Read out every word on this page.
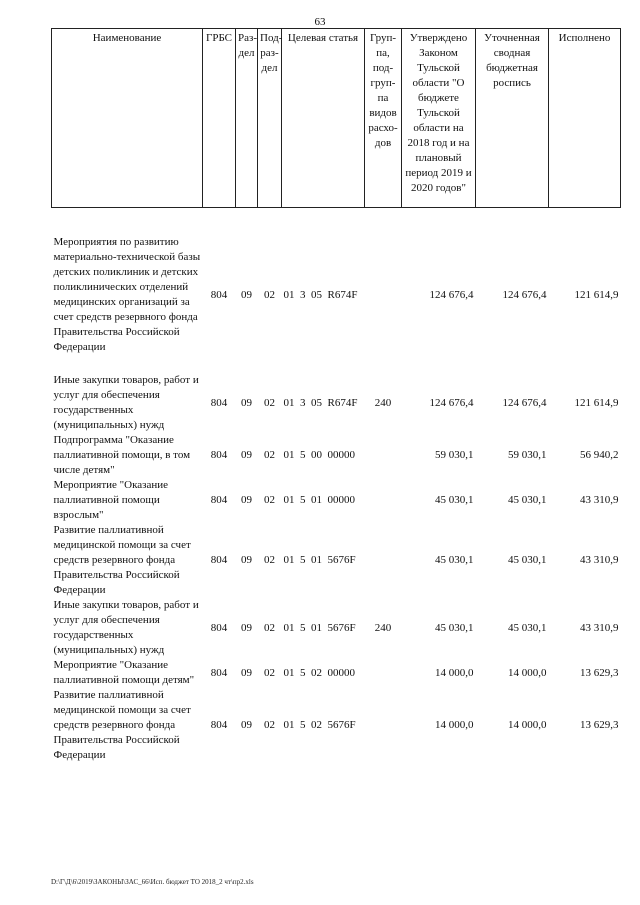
63
Наименование	ГРБС	Раз-дел	Под-раз-дел	Целевая статья	Груп-па, под-груп-па видов расхо-дов	Утверждено Законом Тульской области "О бюджете Тульской области на 2018 год и на плановый период 2019 и 2020 годов"	Уточненная сводная бюджетная роспись	Исполнено

Мероприятия по развитию материально-технической базы детских поликлиник и детских поликлинических отделений медицинских организаций за счет средств резервного фонда Правительства Российской Федерации	804	09	02	01  3  05  R674F		124 676,4	124 676,4	121 614,9

Иные закупки товаров, работ и услуг для обеспечения государственных (муниципальных) нужд	804	09	02	01  3  05  R674F	240	124 676,4	124 676,4	121 614,9
Подпрограмма "Оказание паллиативной помощи, в том числе детям"	804	09	02	01  5  00  00000		59 030,1	59 030,1	56 940,2
Мероприятие "Оказание паллиативной помощи взрослым"	804	09	02	01  5  01  00000		45 030,1	45 030,1	43 310,9
Развитие паллиативной медицинской помощи за счет средств резервного фонда Правительства Российской Федерации	804	09	02	01  5  01  5676F		45 030,1	45 030,1	43 310,9
Иные закупки товаров, работ и услуг для обеспечения государственных (муниципальных) нужд	804	09	02	01  5  01  5676F	240	45 030,1	45 030,1	43 310,9
Мероприятие "Оказание паллиативной помощи детям"	804	09	02	01  5  02  00000		14 000,0	14 000,0	13 629,3
Развитие паллиативной медицинской помощи за счет средств резервного фонда Правительства Российской Федерации	804	09	02	01  5  02  5676F		14 000,0	14 000,0	13 629,3
D:\Г\Д\6\2019\ЗАКОНЫ\ЗАС_66\Исп. бюджет ТО 2018_2 чт\пр2.xls
